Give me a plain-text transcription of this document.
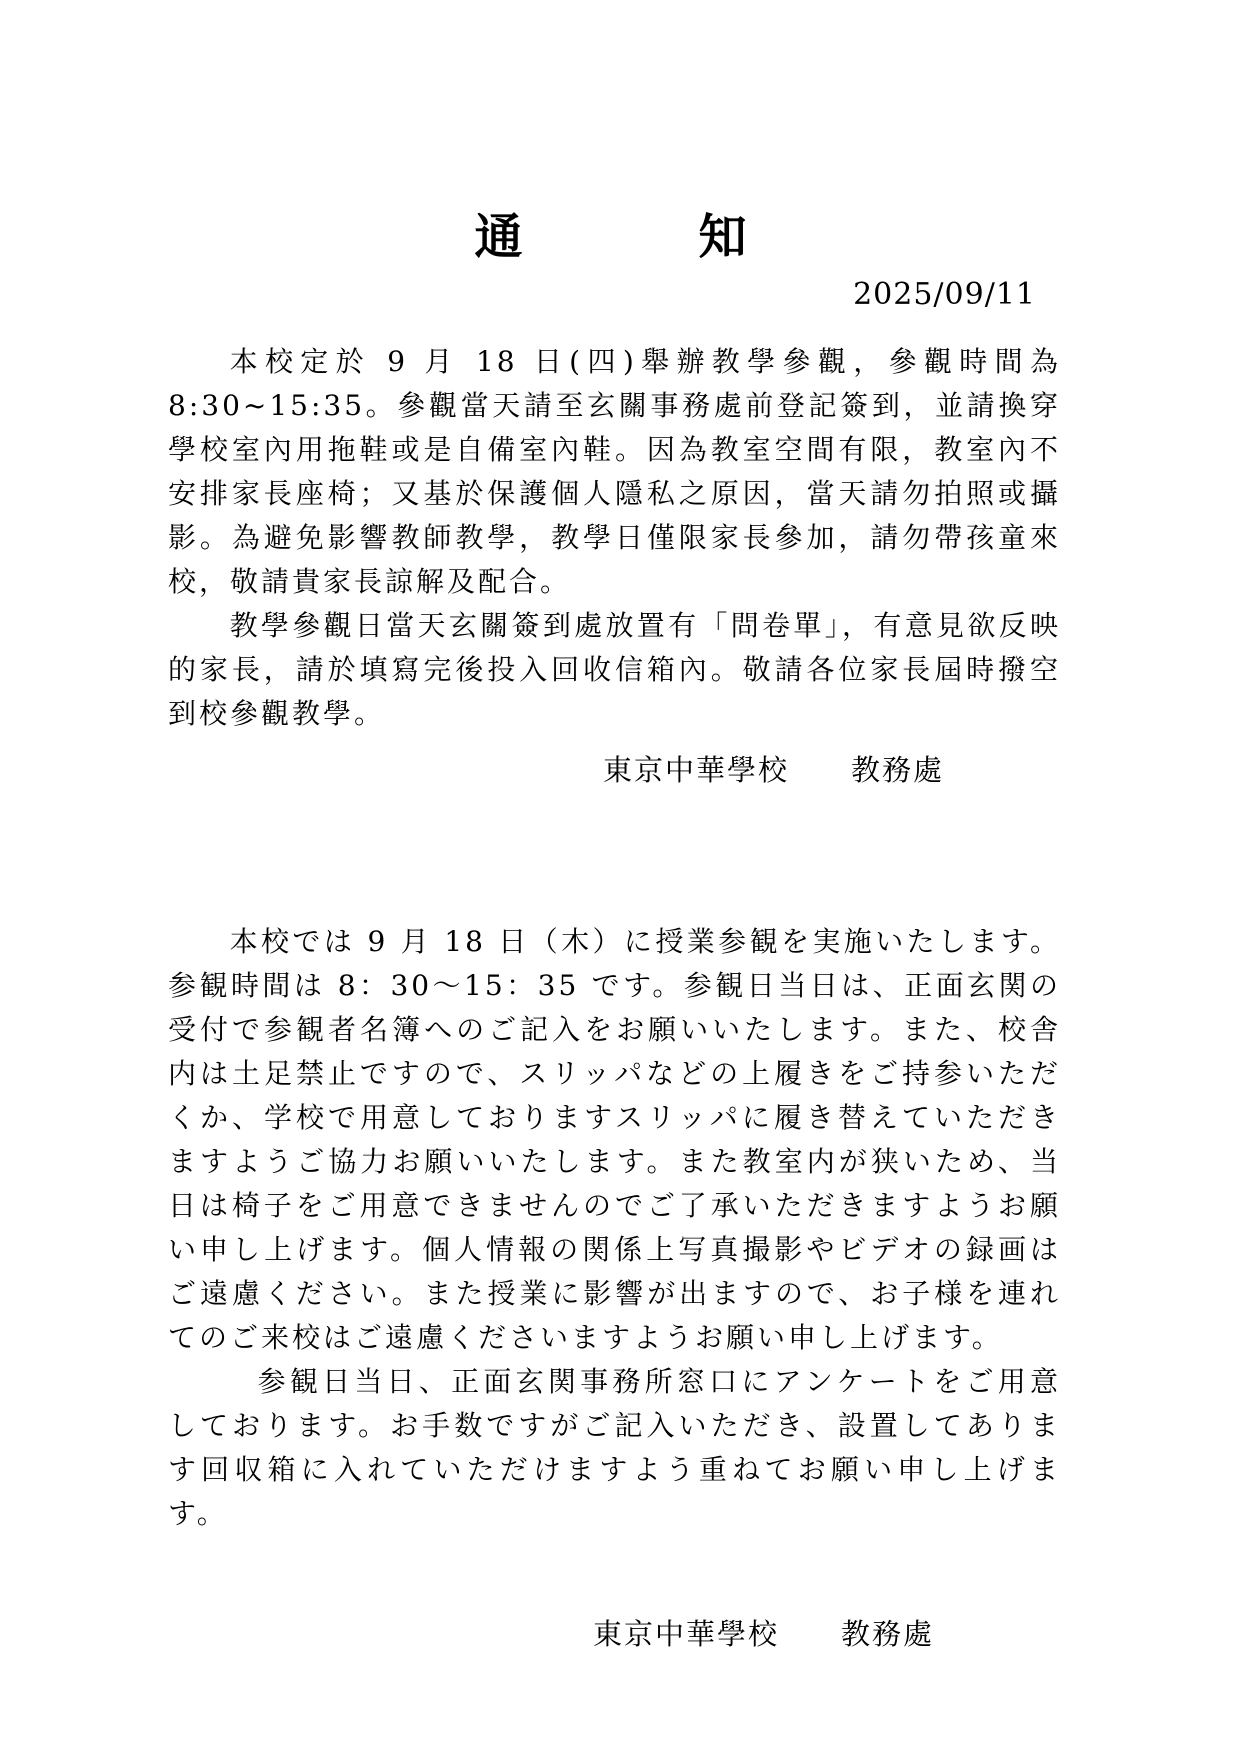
通　　　知
2025/09/11

本校定於 9 月 18 日(四)舉辦教學參觀，參觀時間為 8:30~15:35。參觀當天請至玄關事務處前登記簽到，並請換穿學校室內用拖鞋或是自備室內鞋。因為教室空間有限，教室內不安排家長座椅；又基於保護個人隱私之原因，當天請勿拍照或攝影。為避免影響教師教學，教學日僅限家長參加，請勿帶孩童來校，敬請貴家長諒解及配合。

教學參觀日當天玄關簽到處放置有「問卷單」，有意見欲反映的家長，請於填寫完後投入回收信箱內。敬請各位家長屆時撥空到校參觀教學。

東京中華學校　　教務處

本校では 9 月 18 日（木）に授業参観を実施いたします。参観時間は 8：30～15：35 です。参観日当日は、正面玄関の受付で参観者名簿へのご記入をお願いいたします。また、校舎内は土足禁止ですので、スリッパなどの上履きをご持参いただくか、学校で用意しておりますスリッパに履き替えていただきますようご協力お願いいたします。また教室内が狭いため、当日は椅子をご用意できませんのでご了承いただきますようお願い申し上げます。個人情報の関係上写真撮影やビデオの録画はご遠慮ください。また授業に影響が出ますので、お子様を連れてのご来校はご遠慮くださいますようお願い申し上げます。

参観日当日、正面玄関事務所窓口にアンケートをご用意しております。お手数ですがご記入いただき、設置してあります回収箱に入れていただけますよう重ねてお願い申し上げます。

東京中華學校　　教務處
